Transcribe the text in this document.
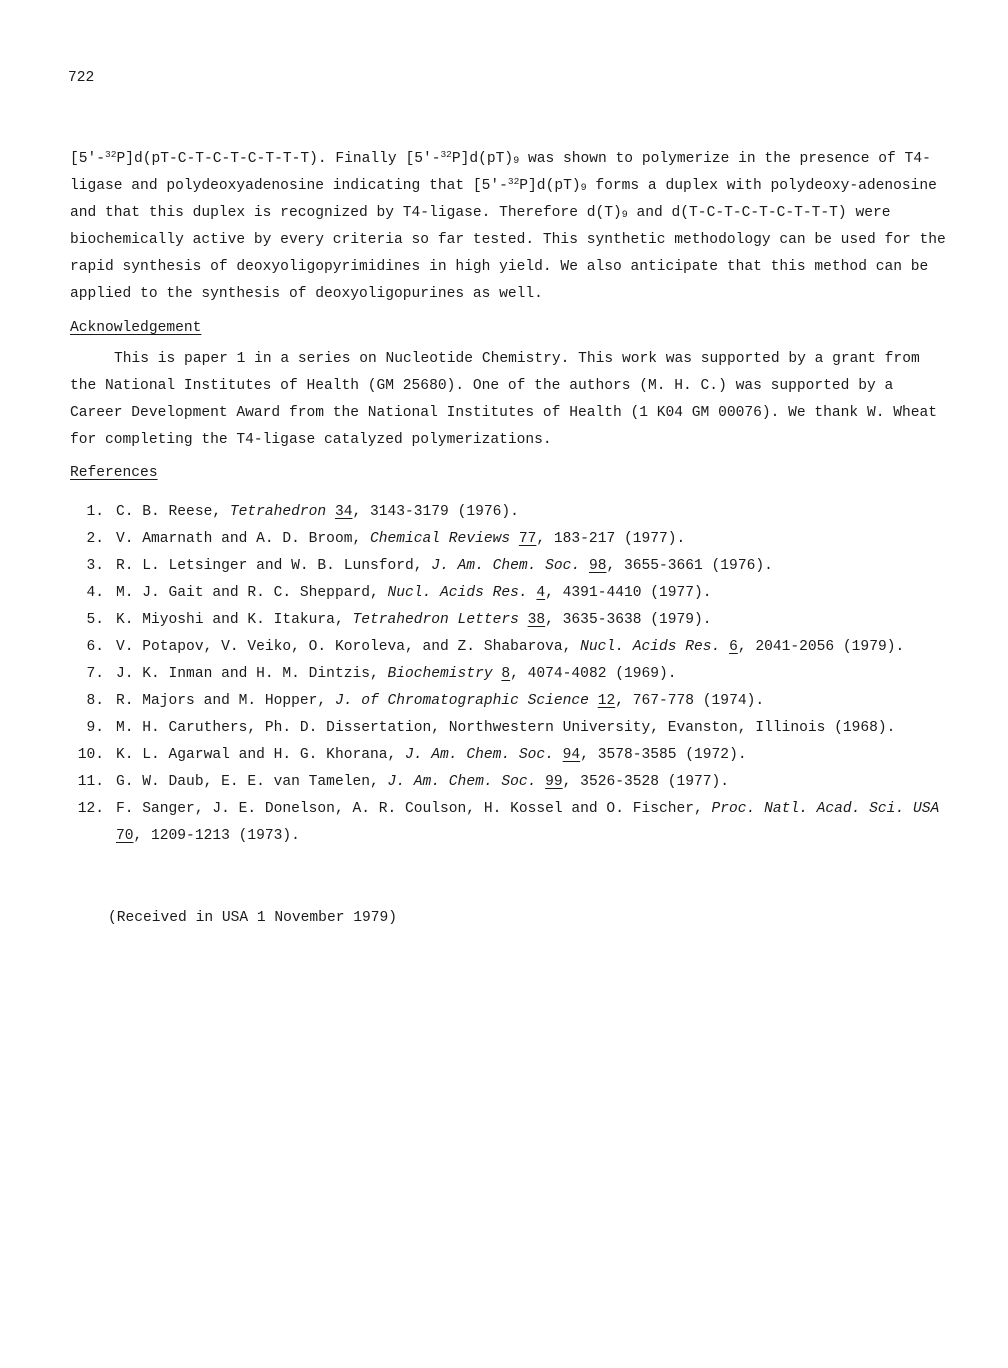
722

[5'-$^{32}$P]d(pT-C-T-C-T-C-T-T-T). Finally $[5'-^{32}P]d(pT)_9$ was shown to polymerize in the presence of T4-ligase and polydeoxyadenosine indicating that $[5'-^{32}P]d(pT)_9$ forms a duplex with polydeoxy-adenosine and that this duplex is recognized by T4-ligase. Therefore $d(T)_9$ and d(T-C-T-C-T-C-T-T-T) were biochemically active by every criteria so far tested. This synthetic methodology can be used for the rapid synthesis of deoxyoligopyrimidines in high yield. We also anticipate that this method can be applied to the synthesis of deoxyoligopurines as well.

Acknowledgement

This is paper 1 in a series on Nucleotide Chemistry. This work was supported by a grant from the National Institutes of Health (GM 25680). One of the authors (M. H. C.) was supported by a Career Development Award from the National Institutes of Health (1 K04 GM 00076). We thank W. Wheat for completing the T4-ligase catalyzed polymerizations.

References
1. C. B. Reese, Tetrahedron 34, 3143-3179 (1976).
2. V. Amarnath and A. D. Broom, Chemical Reviews 77, 183-217 (1977).
3. R. L. Letsinger and W. B. Lunsford, J. Am. Chem. Soc. 98, 3655-3661 (1976).
4. M. J. Gait and R. C. Sheppard, Nucl. Acids Res. 4, 4391-4410 (1977).
5. K. Miyoshi and K. Itakura, Tetrahedron Letters 38, 3635-3638 (1979).
6. V. Potapov, V. Veiko, O. Koroleva, and Z. Shabarova, Nucl. Acids Res. 6, 2041-2056 (1979).
7. J. K. Inman and H. M. Dintzis, Biochemistry 8, 4074-4082 (1969).
8. R. Majors and M. Hopper, J. of Chromatographic Science 12, 767-778 (1974).
9. M. H. Caruthers, Ph. D. Dissertation, Northwestern University, Evanston, Illinois (1968).
10. K. L. Agarwal and H. G. Khorana, J. Am. Chem. Soc. 94, 3578-3585 (1972).
11. G. W. Daub, E. E. van Tamelen, J. Am. Chem. Soc. 99, 3526-3528 (1977).
12. F. Sanger, J. E. Donelson, A. R. Coulson, H. Kossel and O. Fischer, Proc. Natl. Acad. Sci. USA 70, 1209-1213 (1973).
(Received in USA 1 November 1979)
